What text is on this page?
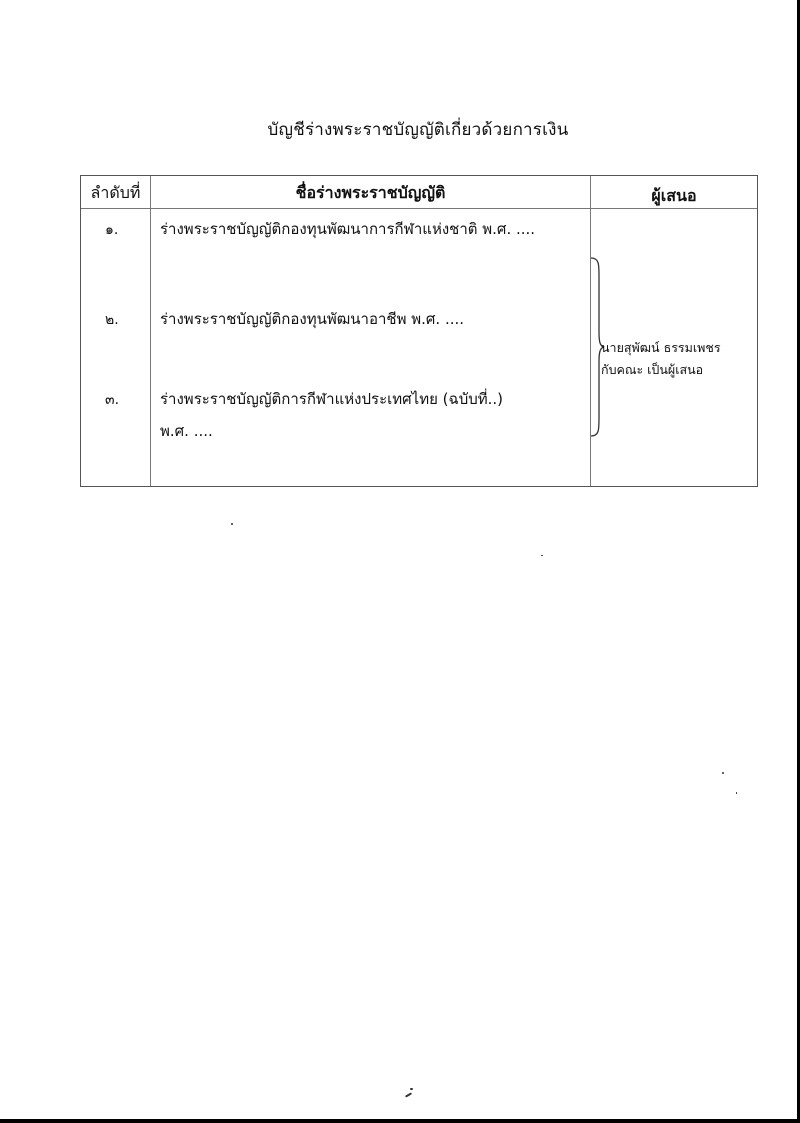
บัญชีร่างพระราชบัญญัติเกี่ยวด้วยการเงิน
ลำดับที่	ชื่อร่างพระราชบัญญัติ	ผู้เสนอ
๑.	ร่างพระราชบัญญัติกองทุนพัฒนาการกีฬาแห่งชาติ พ.ศ. ....
๒.	ร่างพระราชบัญญัติกองทุนพัฒนาอาชีพ พ.ศ. ....
๓.	ร่างพระราชบัญญัติการกีฬาแห่งประเทศไทย (ฉบับที่..)
พ.ศ. ....
นายสุพัฒน์ ธรรมเพชร
กับคณะ เป็นผู้เสนอ
